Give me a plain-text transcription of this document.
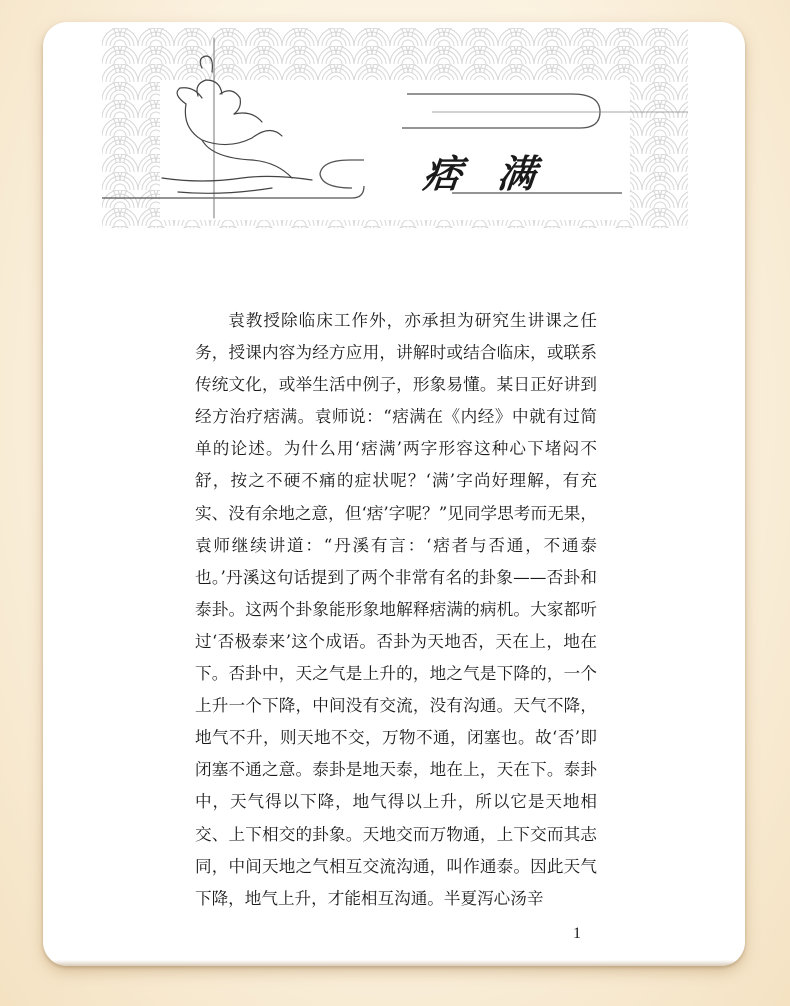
痞满

袁教授除临床工作外，亦承担为研究生讲课之任务，授课内容为经方应用，讲解时或结合临床，或联系传统文化，或举生活中例子，形象易懂。某日正好讲到经方治疗痞满。袁师说：“痞满在《内经》中就有过简单的论述。为什么用‘痞满’两字形容这种心下堵闷不舒，按之不硬不痛的症状呢？‘满’字尚好理解，有充实、没有余地之意，但‘痞’字呢？”见同学思考而无果，袁师继续讲道：“丹溪有言：‘痞者与否通，不通泰也。’丹溪这句话提到了两个非常有名的卦象——否卦和泰卦。这两个卦象能形象地解释痞满的病机。大家都听过‘否极泰来’这个成语。否卦为天地否，天在上，地在下。否卦中，天之气是上升的，地之气是下降的，一个上升一个下降，中间没有交流，没有沟通。天气不降，地气不升，则天地不交，万物不通，闭塞也。故‘否’即闭塞不通之意。泰卦是地天泰，地在上，天在下。泰卦中，天气得以下降，地气得以上升，所以它是天地相交、上下相交的卦象。天地交而万物通，上下交而其志同，中间天地之气相互交流沟通，叫作通泰。因此天气下降，地气上升，才能相互沟通。半夏泻心汤辛

1
